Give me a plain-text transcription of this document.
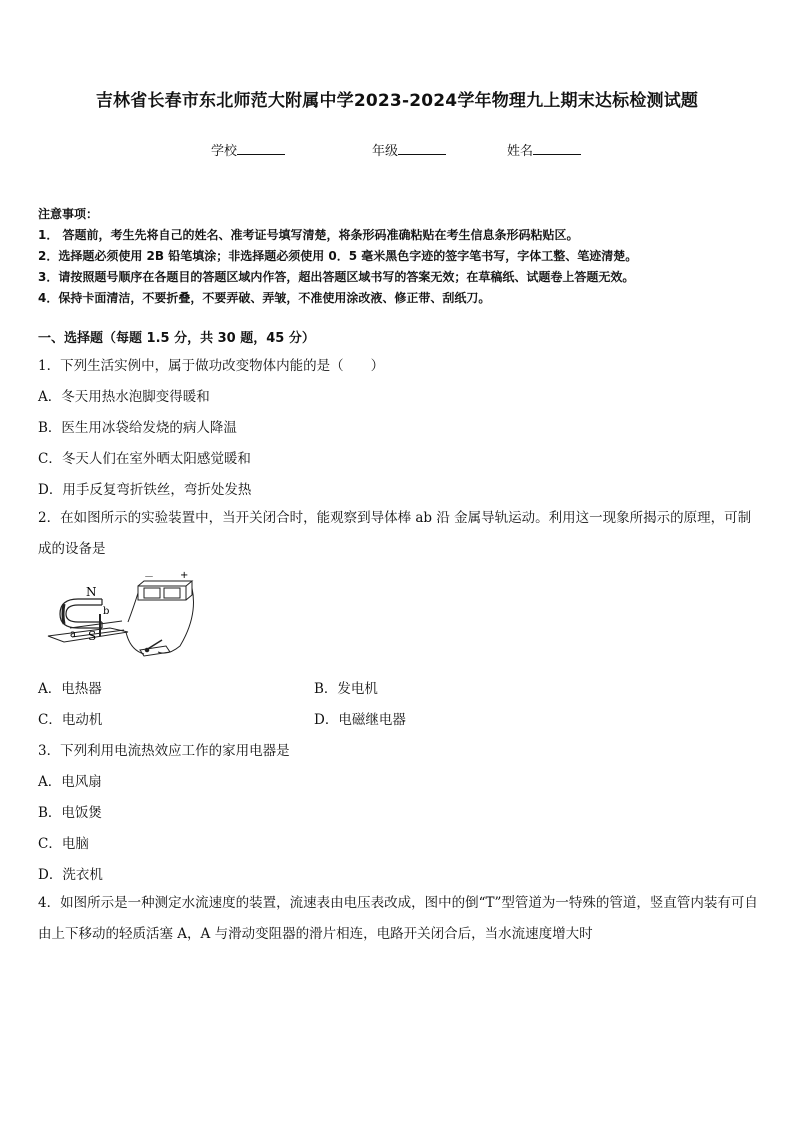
吉林省长春市东北师范大附属中学2023-2024学年物理九上期末达标检测试题
学校	年级	姓名
注意事项：
1． 答题前，考生先将自己的姓名、准考证号填写清楚，将条形码准确粘贴在考生信息条形码粘贴区。
2．选择题必须使用 2B 铅笔填涂；非选择题必须使用 0．5 毫米黑色字迹的签字笔书写，字体工整、笔迹清楚。
3．请按照题号顺序在各题目的答题区域内作答，超出答题区域书写的答案无效；在草稿纸、试题卷上答题无效。
4．保持卡面清洁，不要折叠，不要弄破、弄皱，不准使用涂改液、修正带、刮纸刀。
一、选择题（每题 1.5 分，共 30 题，45 分）
1．下列生活实例中，属于做功改变物体内能的是（　　）
A．冬天用热水泡脚变得暖和
B．医生用冰袋给发烧的病人降温
C．冬天人们在室外晒太阳感觉暖和
D．用手反复弯折铁丝，弯折处发热
2．在如图所示的实验装置中，当开关闭合时，能观察到导体棒 ab 沿 金属导轨运动。利用这一现象所揭示的原理，可制成的设备是
N
S
b
a
－	+
A．电热器	B．发电机
C．电动机	D．电磁继电器
3．下列利用电流热效应工作的家用电器是
A．电风扇
B．电饭煲
C．电脑
D．洗衣机
4．如图所示是一种测定水流速度的装置，流速表由电压表改成，图中的倒“T”型管道为一特殊的管道，竖直管内装有可自由上下移动的轻质活塞 A，A 与滑动变阻器的滑片相连，电路开关闭合后，当水流速度增大时
